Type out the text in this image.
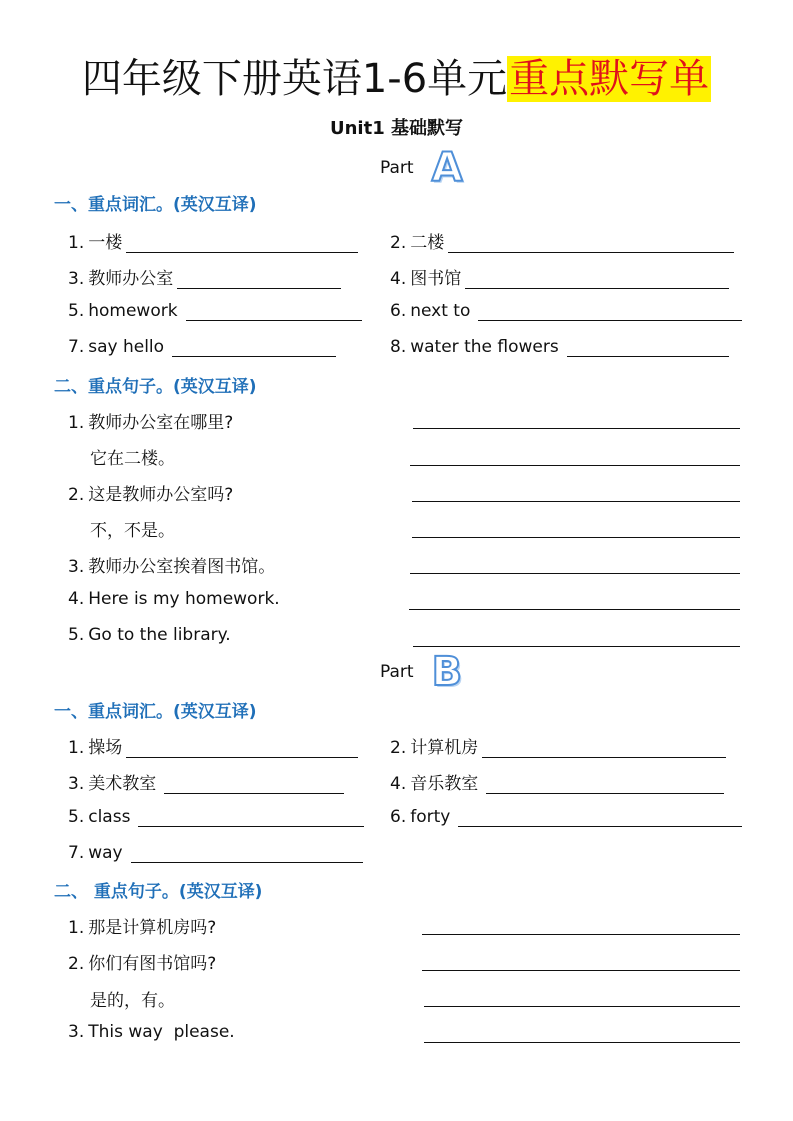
四年级下册英语1-6单元重点默写单
Unit1 基础默写
Part A
一、重点词汇。(英汉互译)
1. 一楼	2. 二楼
3. 教师办公室	4. 图书馆
5. homework	6. next to
7. say hello	8. water the flowers
二、重点句子。(英汉互译)
1. 教师办公室在哪里?
它在二楼。
2. 这是教师办公室吗?
不，不是。
3. 教师办公室挨着图书馆。
4. Here is my homework.
5. Go to the library.
Part B
一、重点词汇。(英汉互译)
1. 操场	2. 计算机房
3. 美术教室	4. 音乐教室
5. class	6. forty
7. way
二、 重点句子。(英汉互译)
1. 那是计算机房吗?
2. 你们有图书馆吗?
是的，有。
3. This way  please.
